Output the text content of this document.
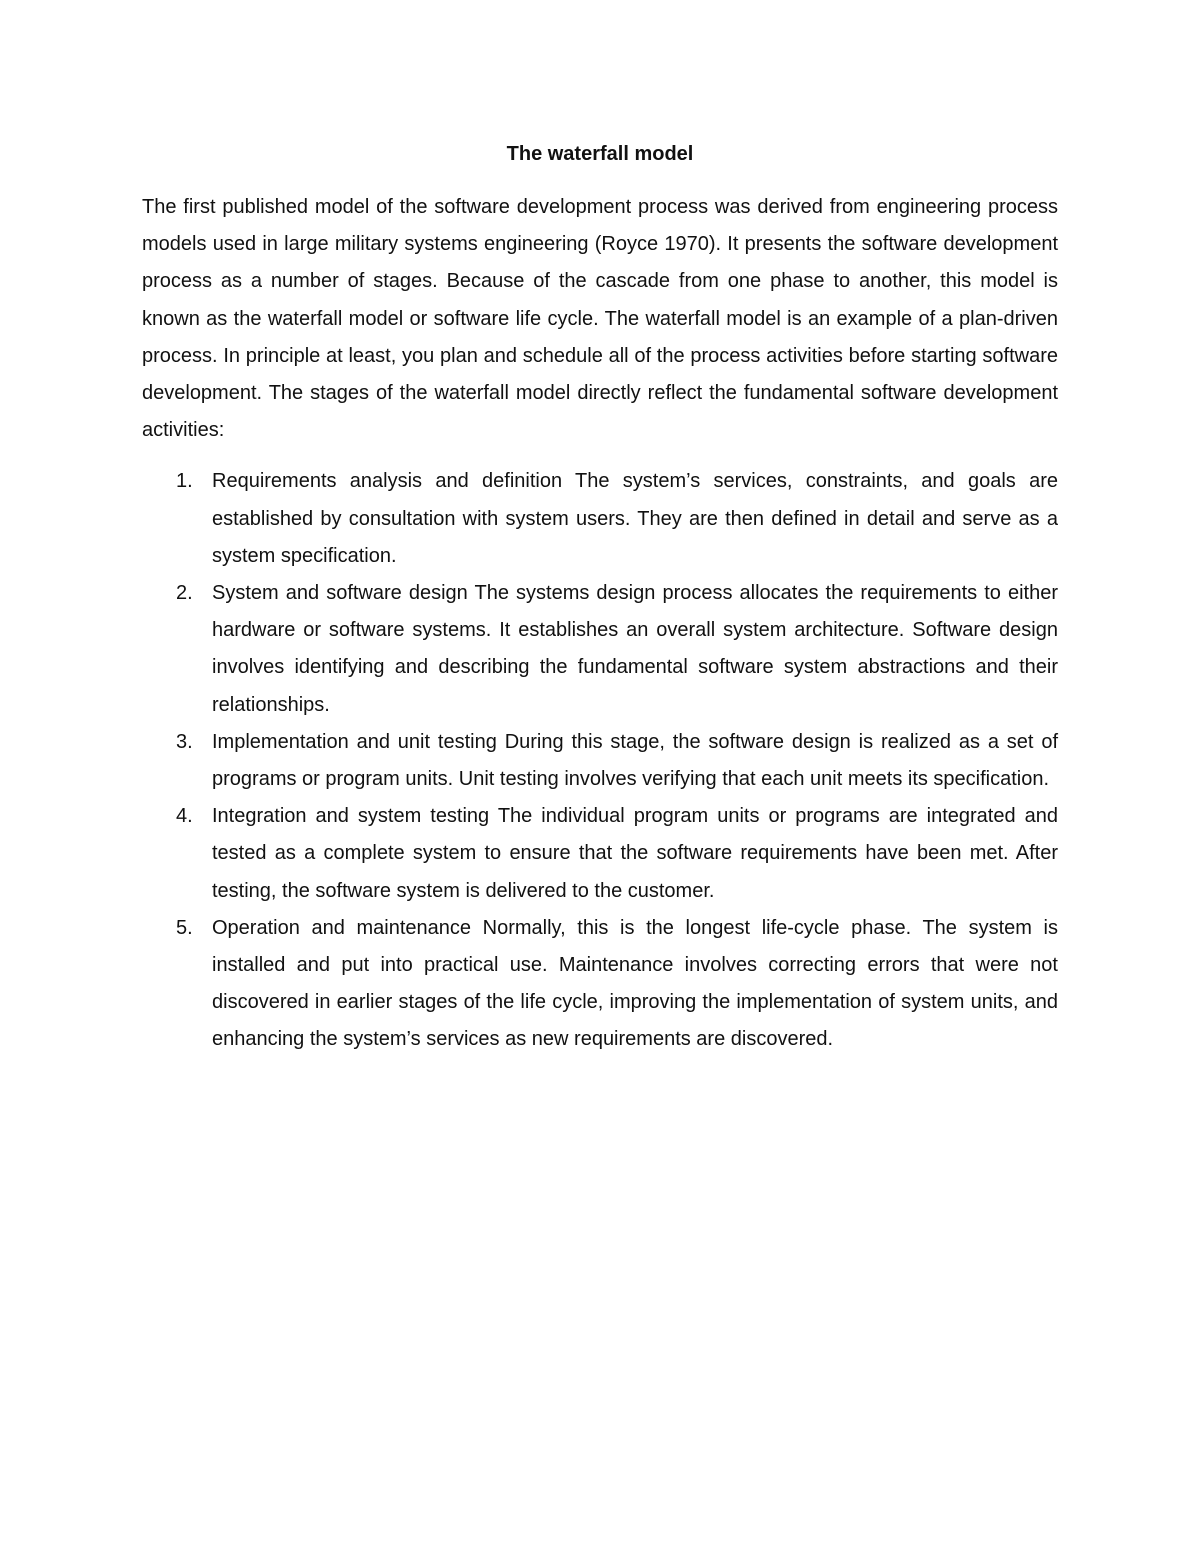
The waterfall model

The first published model of the software development process was derived from engineering process models used in large military systems engineering (Royce 1970). It presents the software development process as a number of stages. Because of the cascade from one phase to another, this model is known as the waterfall model or software life cycle. The waterfall model is an example of a plan-driven process. In principle at least, you plan and schedule all of the process activities before starting software development. The stages of the waterfall model directly reflect the fundamental software development activities:

1. Requirements analysis and definition The system’s services, constraints, and goals are established by consultation with system users. They are then defined in detail and serve as a system specification.
2. System and software design The systems design process allocates the requirements to either hardware or software systems. It establishes an overall system architecture. Software design involves identifying and describing the fundamental software system abstractions and their relationships.
3. Implementation and unit testing During this stage, the software design is realized as a set of programs or program units. Unit testing involves verifying that each unit meets its specification.
4. Integration and system testing The individual program units or programs are integrated and tested as a complete system to ensure that the software requirements have been met. After testing, the software system is delivered to the customer.
5. Operation and maintenance Normally, this is the longest life-cycle phase. The system is installed and put into practical use. Maintenance involves correcting errors that were not discovered in earlier stages of the life cycle, improving the implementation of system units, and enhancing the system’s services as new requirements are discovered.
